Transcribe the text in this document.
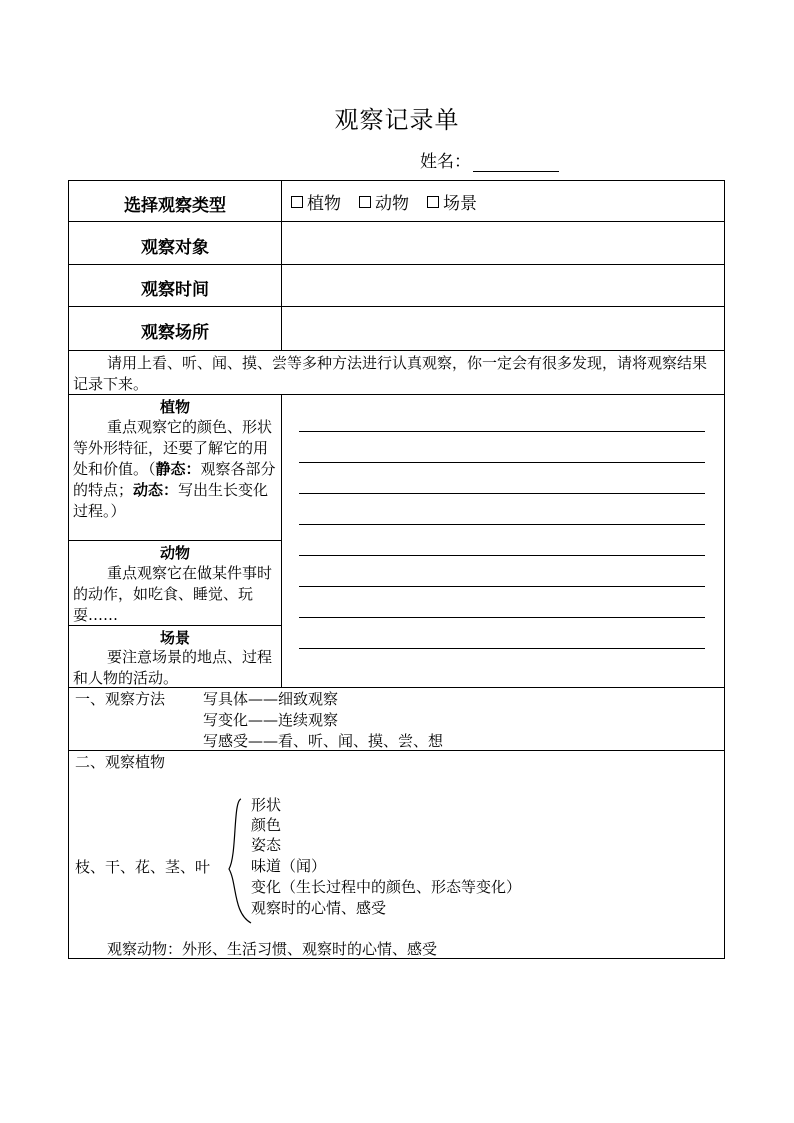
观察记录单
姓名：
选择观察类型	植物 动物 场景
观察对象
观察时间
观察场所
请用上看、听、闻、摸、尝等多种方法进行认真观察，你一定会有很多发现，请将观察结果记录下来。
植物
重点观察它的颜色、形状等外形特征，还要了解它的用处和价值。（静态：观察各部分的特点；动态：写出生长变化过程。）
动物
重点观察它在做某件事时的动作，如吃食、睡觉、玩耍……
场景
要注意场景的地点、过程和人物的活动。
一、观察方法	写具体——细致观察
写变化——连续观察
写感受——看、听、闻、摸、尝、想
二、观察植物
枝、干、花、茎、叶
形状
颜色
姿态
味道（闻）
变化（生长过程中的颜色、形态等变化）
观察时的心情、感受
观察动物：外形、生活习惯、观察时的心情、感受
